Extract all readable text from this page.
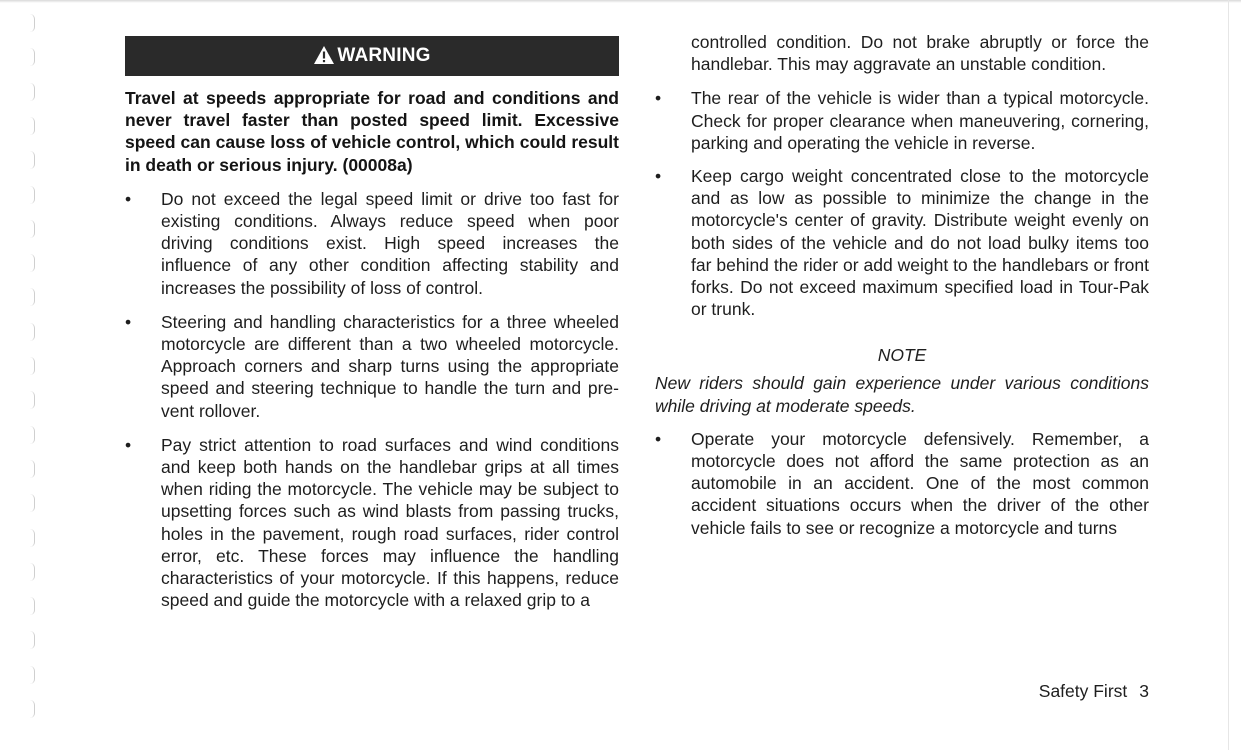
WARNING

Travel at speeds appropriate for road and conditions and never travel faster than posted speed limit. Excessive speed can cause loss of vehicle control, which could result in death or serious injury. (00008a)

• Do not exceed the legal speed limit or drive too fast for existing conditions. Always reduce speed when poor driving conditions exist. High speed increases the influence of any other condition affecting stability and increases the possibility of loss of control.
• Steering and handling characteristics for a three wheeled motorcycle are different than a two wheeled motorcycle. Approach corners and sharp turns using the appropriate speed and steering technique to handle the turn and pre-vent rollover.
• Pay strict attention to road surfaces and wind conditions and keep both hands on the handlebar grips at all times when riding the motorcycle. The vehicle may be subject to upsetting forces such as wind blasts from passing trucks, holes in the pavement, rough road surfaces, rider control error, etc. These forces may influence the handling characteristics of your motorcycle. If this happens, reduce speed and guide the motorcycle with a relaxed grip to a

controlled condition. Do not brake abruptly or force the handlebar. This may aggravate an unstable condition.

• The rear of the vehicle is wider than a typical motorcycle. Check for proper clearance when maneuvering, cornering, parking and operating the vehicle in reverse.
• Keep cargo weight concentrated close to the motorcycle and as low as possible to minimize the change in the motorcycle's center of gravity. Distribute weight evenly on both sides of the vehicle and do not load bulky items too far behind the rider or add weight to the handlebars or front forks. Do not exceed maximum specified load in Tour-Pak or trunk.
NOTE

New riders should gain experience under various conditions while driving at moderate speeds.

• Operate your motorcycle defensively. Remember, a motorcycle does not afford the same protection as an automobile in an accident. One of the most common accident situations occurs when the driver of the other vehicle fails to see or recognize a motorcycle and turns
Safety First 3
